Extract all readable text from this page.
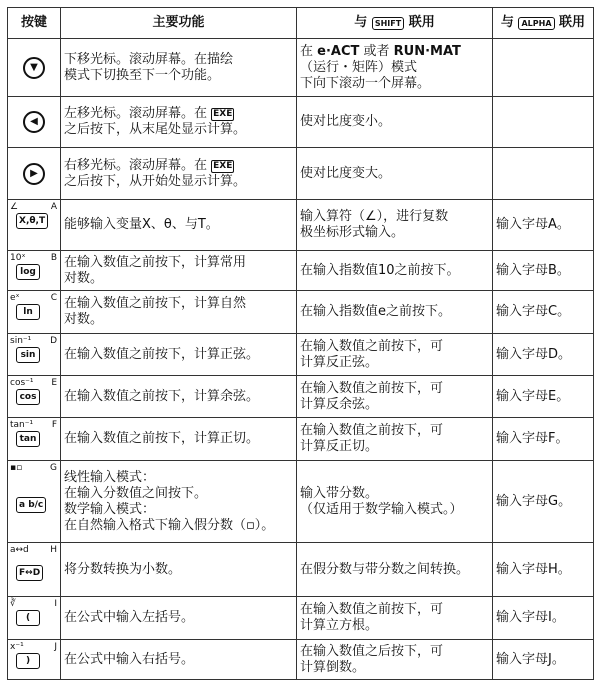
按键	主要功能	与 SHIFT 联用	与 ALPHA 联用
▼	下移光标。滚动屏幕。在描绘
模式下切换至下一个功能。	在 e·ACT 或者 RUN·MAT
（运行・矩阵）模式
下向下滚动一个屏幕。	

◀	左移光标。滚动屏幕。在 EXE
之后按下，从末尾处显示计算。	使对比度变小。	
▶	右移光标。滚动屏幕。在 EXE
之后按下，从开始处显示计算。	使对比度变大。	

∠ A
X,θ,T	能够输入变量X、θ、与T。	输入算符（∠），进行复数
极坐标形式输入。	输入字母A。

10ˣ B
log	在输入数值之前按下，计算常用
对数。	在输入指数值10之前按下。	输入字母B。

eˣ C
ln	在输入数值之前按下，计算自然
对数。	在输入指数值e之前按下。	输入字母C。

sin⁻¹ D
sin	在输入数值之前按下，计算正弦。	在输入数值之前按下，可
计算反正弦。	输入字母D。

cos⁻¹ E
cos	在输入数值之前按下，计算余弦。	在输入数值之前按下，可
计算反余弦。	输入字母E。

tan⁻¹ F
tan	在输入数值之前按下，计算正切。	在输入数值之前按下，可
计算反正切。	输入字母F。

▪▫ G
a b/c	线性输入模式：
在输入分数值之间按下。
数学输入模式：
在自然输入格式下输入假分数（▫）。	输入带分数。
（仅适用于数学输入模式。）	输入字母G。

a↔d H
F↔D	将分数转换为小数。	在假分数与带分数之间转换。	输入字母H。

∛ I
(	在公式中输入左括号。	在输入数值之前按下，可
计算立方根。	输入字母I。

x⁻¹ J
)	在公式中输入右括号。	在输入数值之后按下，可
计算倒数。	输入字母J。
